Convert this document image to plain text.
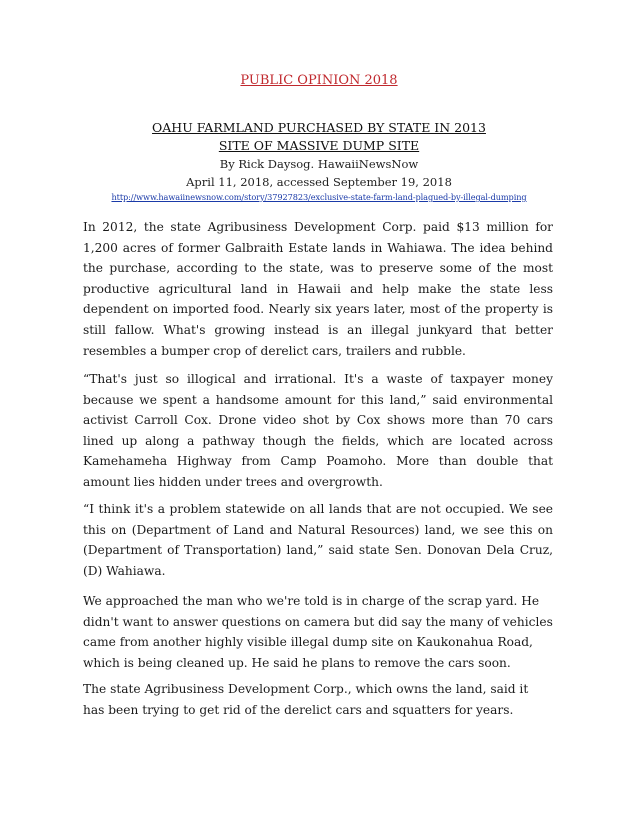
PUBLIC OPINION 2018
OAHU FARMLAND PURCHASED BY STATE IN 2013
SITE OF MASSIVE DUMP SITE
By Rick Daysog. HawaiiNewsNow
April 11, 2018, accessed September 19, 2018
http://www.hawaiinewsnow.com/story/37927823/exclusive-state-farm-land-plagued-by-illegal-dumping

In 2012, the state Agribusiness Development Corp. paid $13 million for 1,200 acres of former Galbraith Estate lands in Wahiawa. The idea behind the purchase, according to the state, was to preserve some of the most productive agricultural land in Hawaii and help make the state less dependent on imported food. Nearly six years later, most of the property is still fallow. What's growing instead is an illegal junkyard that better resembles a bumper crop of derelict cars, trailers and rubble.

“That's just so illogical and irrational. It's a waste of taxpayer money because we spent a handsome amount for this land,” said environmental activist Carroll Cox. Drone video shot by Cox shows more than 70 cars lined up along a pathway though the fields, which are located across Kamehameha Highway from Camp Poamoho. More than double that amount lies hidden under trees and overgrowth.

“I think it's a problem statewide on all lands that are not occupied. We see this on (Department of Land and Natural Resources) land, we see this on (Department of Transportation) land,” said state Sen. Donovan Dela Cruz, (D) Wahiawa.

We approached the man who we're told is in charge of the scrap yard. He didn't want to answer questions on camera but did say the many of vehicles came from another highly visible illegal dump site on Kaukonahua Road, which is being cleaned up. He said he plans to remove the cars soon.

The state Agribusiness Development Corp., which owns the land, said it has been trying to get rid of the derelict cars and squatters for years.
